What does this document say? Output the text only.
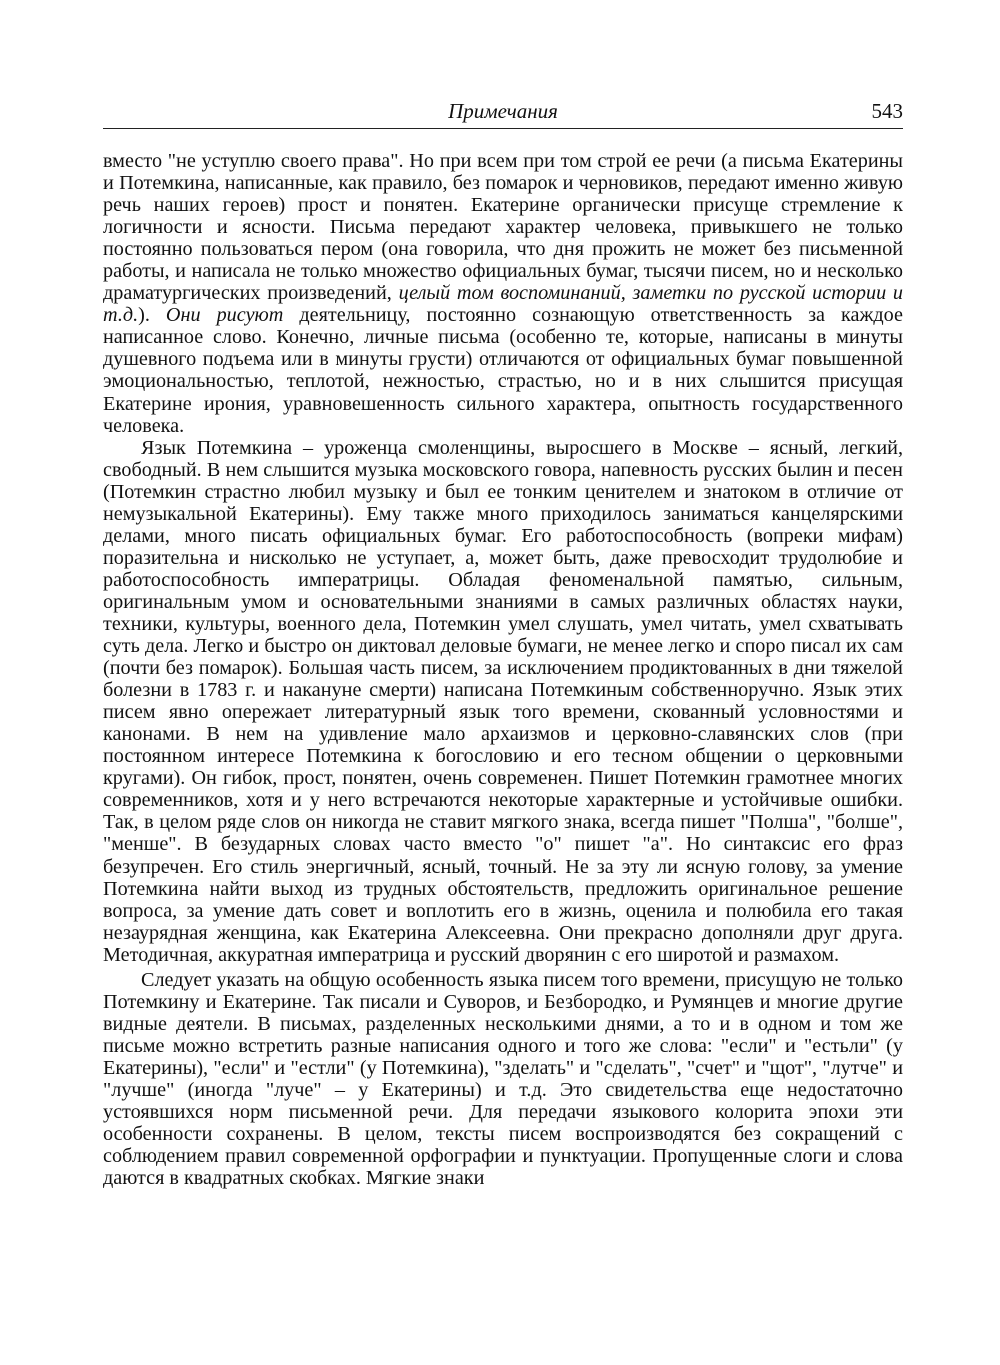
Примечания	543

вместо "не уступлю своего права". Но при всем при том строй ее речи (а письма Екатерины и Потемкина, написанные, как правило, без помарок и черновиков, передают именно живую речь наших героев) прост и понятен. Екатерине органически присуще стремление к логичности и ясности. Письма передают характер человека, привыкшего не только постоянно пользоваться пером (она говорила, что дня прожить не может без письменной работы, и написала не только множество официальных бумаг, тысячи писем, но и несколько драматургических произведений, целый том воспоминаний, заметки по русской истории и т.д.). Они рисуют деятельницу, постоянно сознающую ответственность за каждое написанное слово. Конечно, личные письма (особенно те, которые, написаны в минуты душевного подъема или в минуты грусти) отличаются от официальных бумаг повышенной эмоциональностью, теплотой, нежностью, страстью, но и в них слышится присущая Екатерине ирония, уравновешенность сильного характера, опытность государственного человека.

Язык Потемкина – уроженца смоленщины, выросшего в Москве – ясный, легкий, свободный. В нем слышится музыка московского говора, напевность русских былин и песен (Потемкин страстно любил музыку и был ее тонким ценителем и знатоком в отличие от немузыкальной Екатерины). Ему также много приходилось заниматься канцелярскими делами, много писать официальных бумаг. Его работоспособность (вопреки мифам) поразительна и нисколько не уступает, а, может быть, даже превосходит трудолюбие и работоспособность императрицы. Обладая феноменальной памятью, сильным, оригинальным умом и основательными знаниями в самых различных областях науки, техники, культуры, военного дела, Потемкин умел слушать, умел читать, умел схватывать суть дела. Легко и быстро он диктовал деловые бумаги, не менее легко и споро писал их сам (почти без помарок). Большая часть писем, за исключением продиктованных в дни тяжелой болезни в 1783 г. и накануне смерти) написана Потемкиным собственноручно. Язык этих писем явно опережает литературный язык того времени, скованный условностями и канонами. В нем на удивление мало архаизмов и церковно-славянских слов (при постоянном интересе Потемкина к богословию и его тесном общении о церковными кругами). Он гибок, прост, понятен, очень современен. Пишет Потемкин грамотнее многих современников, хотя и у него встречаются некоторые характерные и устойчивые ошибки. Так, в целом ряде слов он никогда не ставит мягкого знака, всегда пишет "Полша", "болше", "менше". В безударных словах часто вместо "о" пишет "а". Но синтаксис его фраз безупречен. Его стиль энергичный, ясный, точный. Не за эту ли ясную голову, за умение Потемкина найти выход из трудных обстоятельств, предложить оригинальное решение вопроса, за умение дать совет и воплотить его в жизнь, оценила и полюбила его такая незаурядная женщина, как Екатерина Алексеевна. Они прекрасно дополняли друг друга. Методичная, аккуратная императрица и русский дворянин с его широтой и размахом.

Следует указать на общую особенность языка писем того времени, присущую не только Потемкину и Екатерине. Так писали и Суворов, и Безбородко, и Румянцев и многие другие видные деятели. В письмах, разделенных несколькими днями, а то и в одном и том же письме можно встретить разные написания одного и того же слова: "если" и "естьли" (у Екатерины), "если" и "естли" (у Потемкина), "зделать" и "сделать", "счет" и "щот", "лутче" и "лучше" (иногда "луче" – у Екатерины) и т.д. Это свидетельства еще недостаточно устоявшихся норм письменной речи. Для передачи языкового колорита эпохи эти особенности сохранены. В целом, тексты писем воспроизводятся без сокращений с соблюдением правил современной орфографии и пунктуации. Пропущенные слоги и слова даются в квадратных скобках. Мягкие знаки
